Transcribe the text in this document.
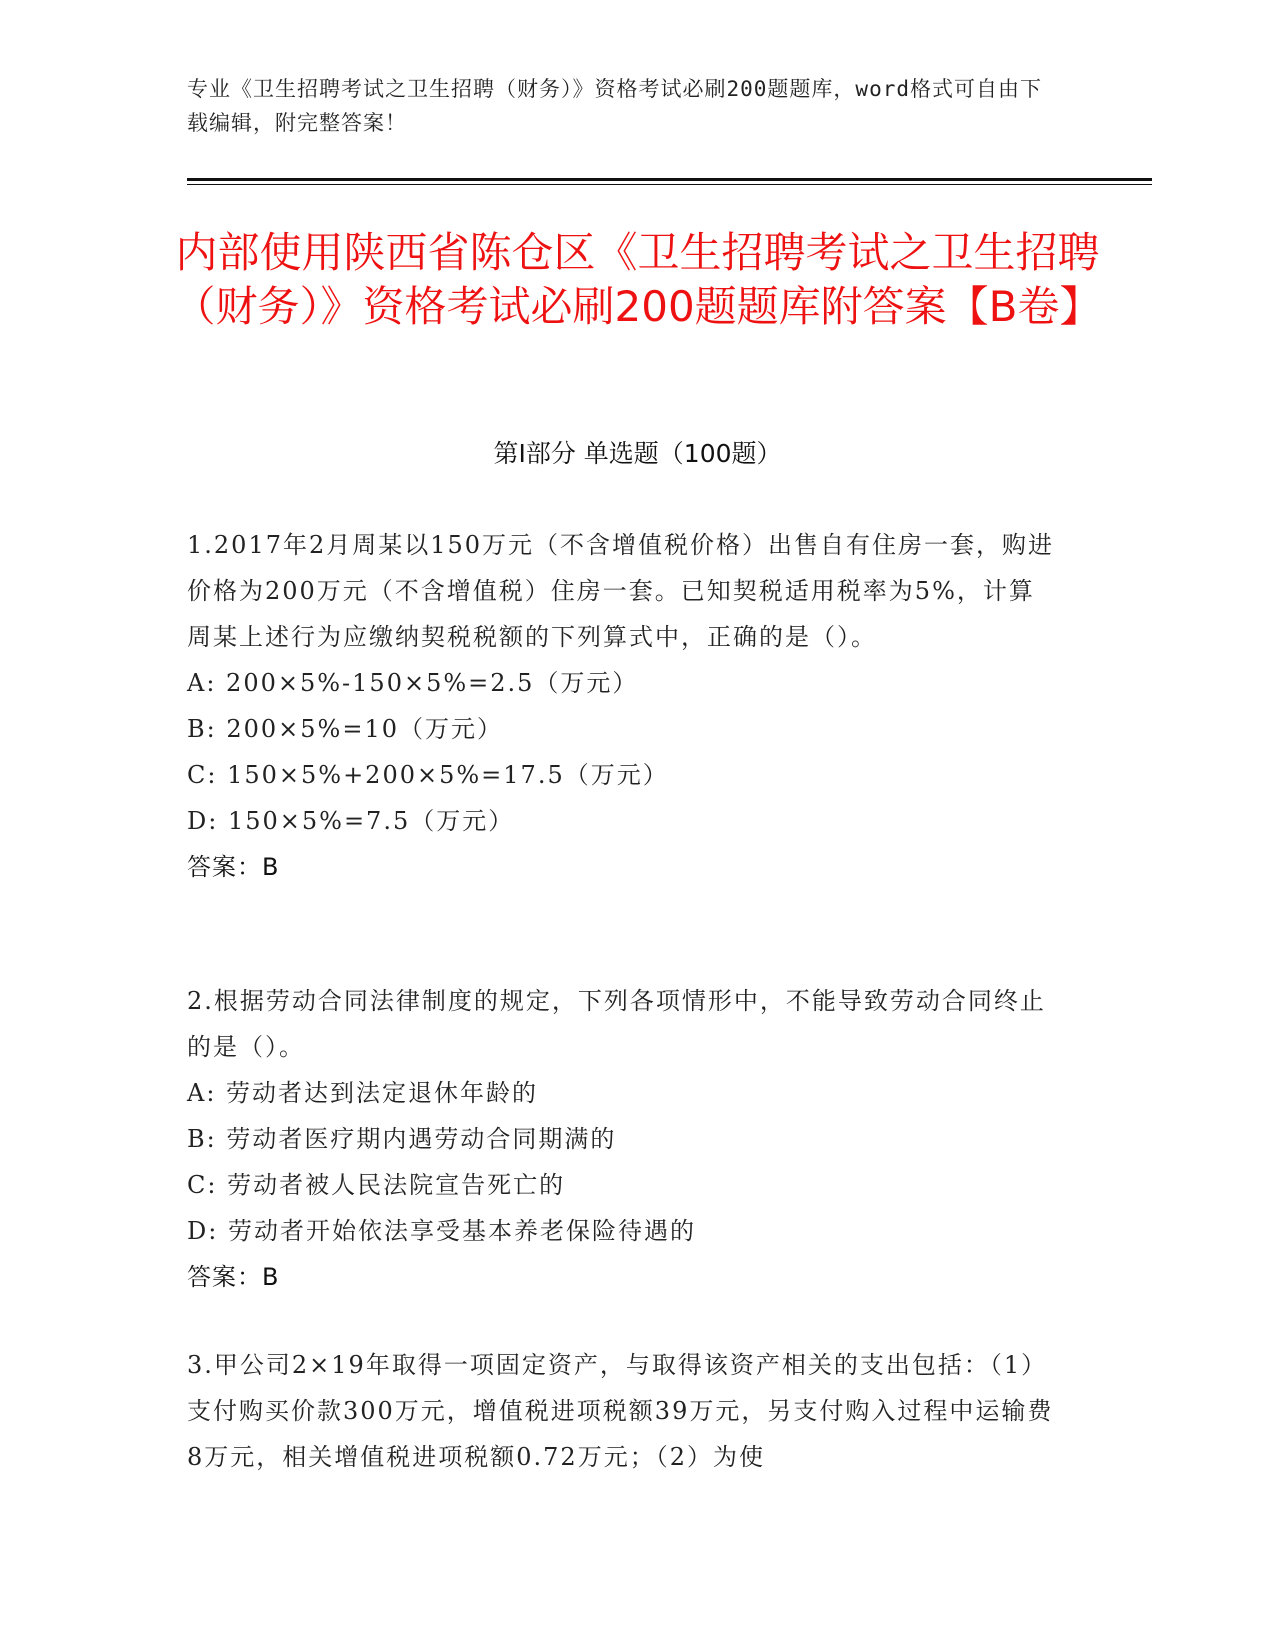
专业《卫生招聘考试之卫生招聘（财务）》资格考试必刷200题题库，word格式可自由下载编辑，附完整答案！
内部使用陕西省陈仓区《卫生招聘考试之卫生招聘（财务）》资格考试必刷200题题库附答案【B卷】
第Ⅰ部分 单选题（100题）

1.2017年2月周某以150万元（不含增值税价格）出售自有住房一套，购进价格为200万元（不含增值税）住房一套。已知契税适用税率为5%，计算周某上述行为应缴纳契税税额的下列算式中，正确的是（）。

A: 200×5%-150×5%=2.5（万元）

B: 200×5%=10（万元）

C: 150×5%+200×5%=17.5（万元）

D: 150×5%=7.5（万元）

答案：B

2.根据劳动合同法律制度的规定，下列各项情形中，不能导致劳动合同终止的是（）。

A: 劳动者达到法定退休年龄的

B: 劳动者医疗期内遇劳动合同期满的

C: 劳动者被人民法院宣告死亡的

D: 劳动者开始依法享受基本养老保险待遇的

答案：B

3.甲公司2×19年取得一项固定资产，与取得该资产相关的支出包括：（1）支付购买价款300万元，增值税进项税额39万元，另支付购入过程中运输费8万元，相关增值税进项税额0.72万元；（2）为使
